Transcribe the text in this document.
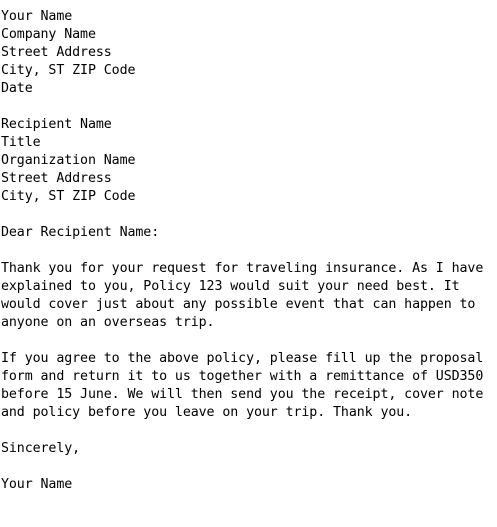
Your Name
Company Name
Street Address
City, ST ZIP Code
Date
Recipient Name
Title
Organization Name
Street Address
City, ST ZIP Code
Dear Recipient Name:
Thank you for your request for traveling insurance. As I have
explained to you, Policy 123 would suit your need best. It
would cover just about any possible event that can happen to
anyone on an overseas trip.
If you agree to the above policy, please fill up the proposal
form and return it to us together with a remittance of USD350
before 15 June. We will then send you the receipt, cover note
and policy before you leave on your trip. Thank you.
Sincerely,
Your Name
